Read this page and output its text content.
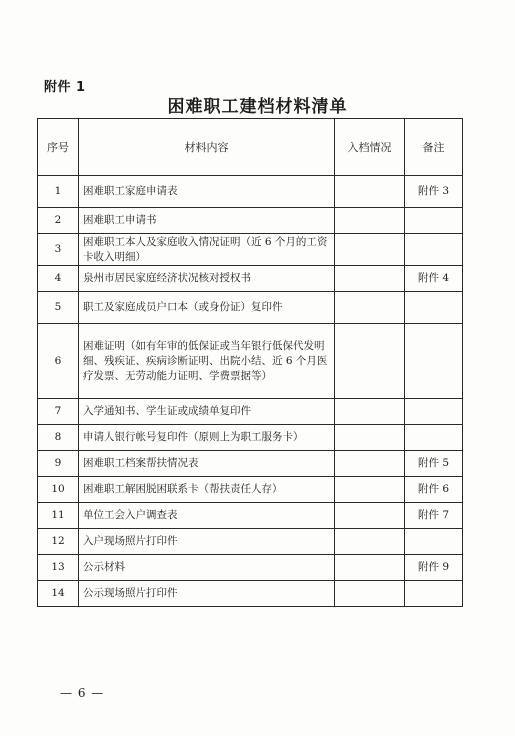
附件 1
困难职工建档材料清单
序号	材料内容	入档情况	备注
1	困难职工家庭申请表		附件 3
2	困难职工申请书		
3	困难职工本人及家庭收入情况证明（近 6 个月的工资卡收入明细）		
4	泉州市居民家庭经济状况核对授权书		附件 4
5	职工及家庭成员户口本（或身份证）复印件		
6	困难证明（如有年审的低保证或当年银行低保代发明细、残疾证、疾病诊断证明、出院小结、近 6 个月医疗发票、无劳动能力证明、学费票据等）		
7	入学通知书、学生证或成绩单复印件		
8	申请人银行帐号复印件（原则上为职工服务卡）		
9	困难职工档案帮扶情况表		附件 5
10	困难职工解困脱困联系卡（帮扶责任人存）		附件 6
11	单位工会入户调查表		附件 7
12	入户现场照片打印件		
13	公示材料		附件 9
14	公示现场照片打印件		
— 6 —
